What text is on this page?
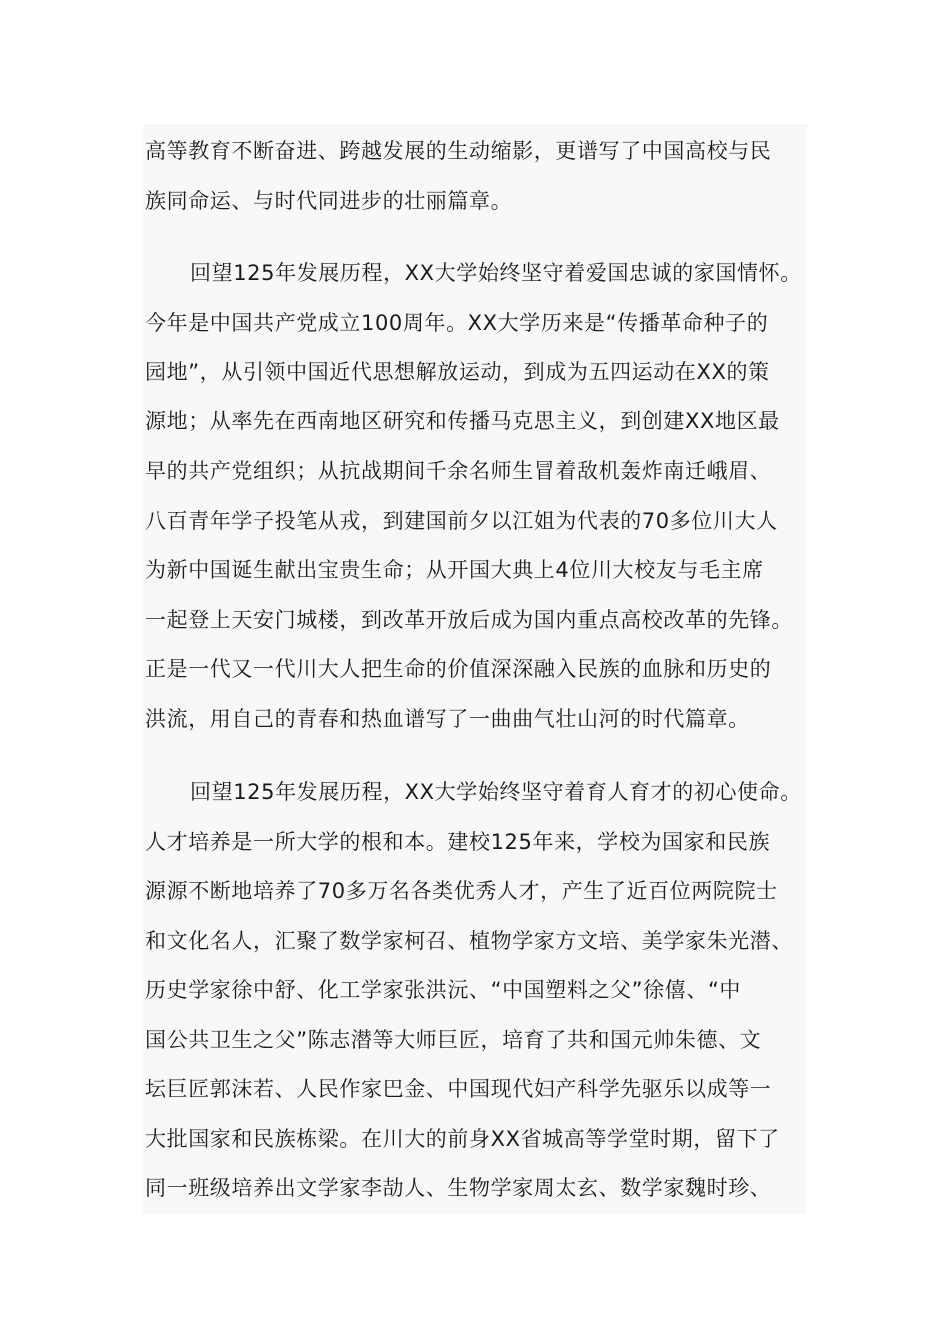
高等教育不断奋进、跨越发展的生动缩影，更谱写了中国高校与民
族同命运、与时代同进步的壮丽篇章。
回望125年发展历程，XX大学始终坚守着爱国忠诚的家国情怀。
今年是中国共产党成立100周年。XX大学历来是“传播革命种子的
园地”，从引领中国近代思想解放运动，到成为五四运动在XX的策
源地；从率先在西南地区研究和传播马克思主义，到创建XX地区最
早的共产党组织；从抗战期间千余名师生冒着敌机轰炸南迁峨眉、
八百青年学子投笔从戎，到建国前夕以江姐为代表的70多位川大人
为新中国诞生献出宝贵生命；从开国大典上4位川大校友与毛主席
一起登上天安门城楼，到改革开放后成为国内重点高校改革的先锋。
正是一代又一代川大人把生命的价值深深融入民族的血脉和历史的
洪流，用自己的青春和热血谱写了一曲曲气壮山河的时代篇章。
回望125年发展历程，XX大学始终坚守着育人育才的初心使命。
人才培养是一所大学的根和本。建校125年来，学校为国家和民族
源源不断地培养了70多万名各类优秀人才，产生了近百位两院院士
和文化名人，汇聚了数学家柯召、植物学家方文培、美学家朱光潜、
历史学家徐中舒、化工学家张洪沅、“中国塑料之父”徐僖、“中
国公共卫生之父”陈志潜等大师巨匠，培育了共和国元帅朱德、文
坛巨匠郭沫若、人民作家巴金、中国现代妇产科学先驱乐以成等一
大批国家和民族栋梁。在川大的前身XX省城高等学堂时期，留下了
同一班级培养出文学家李劼人、生物学家周太玄、数学家魏时珍、
